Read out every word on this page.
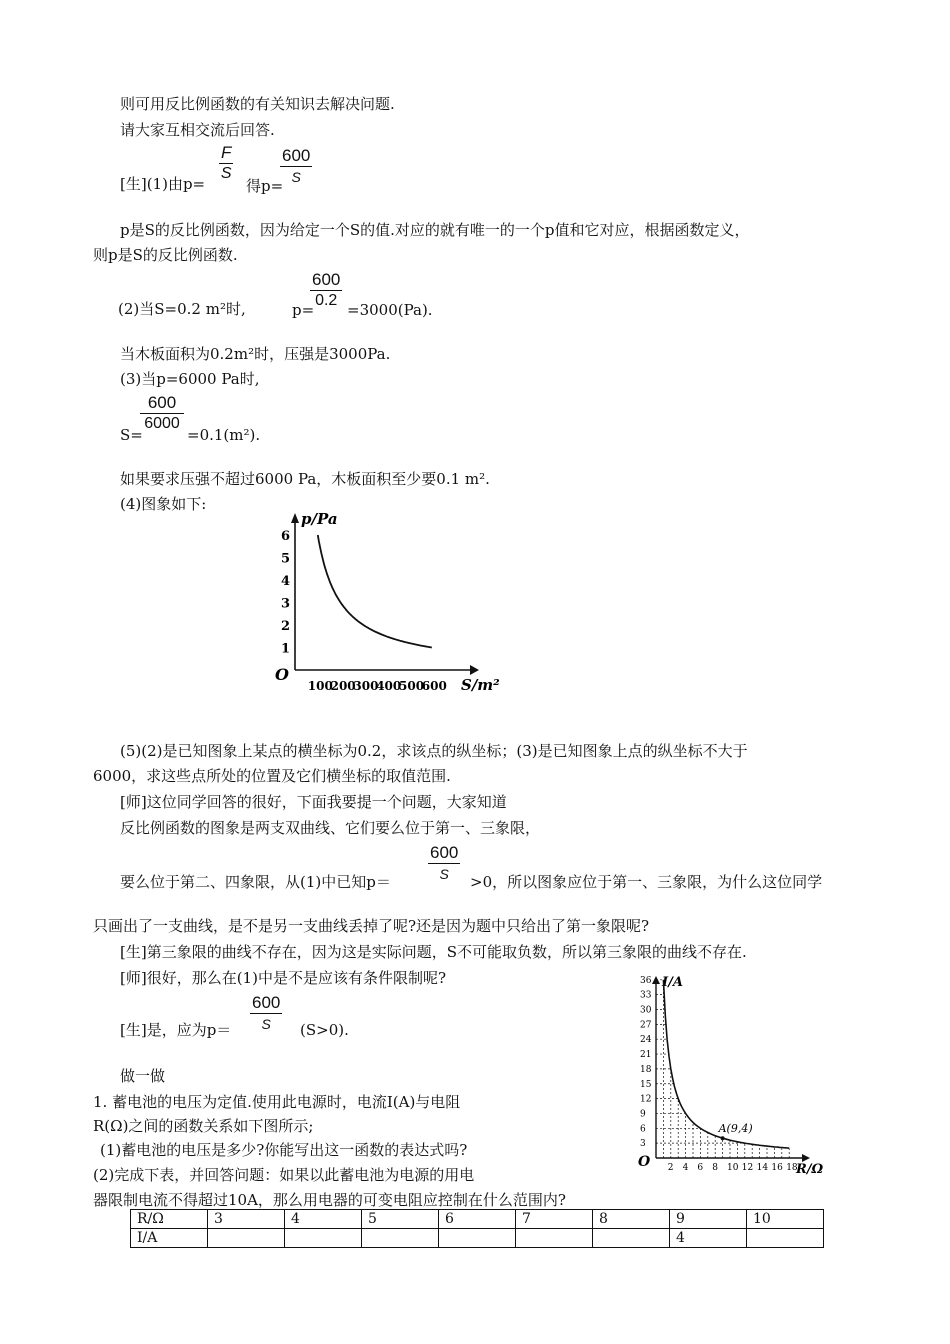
则可用反比例函数的有关知识去解决问题.
请大家互相交流后回答.
[生](1)由$p= \frac{F}{S}$
得p=
600
S
p是S的反比例函数，因为给定一个S的值.对应的就有唯一的一个p值和它对应，根据函数定义，
则p是S的反比例函数.
(2)当S=0.2 m²时,	p=
$\frac{600}{0.2} =3000(Pa)$.
当木板面积为0.2m²时，压强是3000Pa.
(3)当p=6000 Pa时,
$\frac{600}{6000}$
S=	=0.1(m²).
如果要求压强不超过6000 Pa，木板面积至少要0.1 m².
(4)图象如下:
p/Pa
S/m²
O
1
2
3
4
5
6
100
200
300
400
500
600
(5)(2)是已知图象上某点的横坐标为0.2，求该点的纵坐标；(3)是已知图象上点的纵坐标不大于
6000，求这些点所处的位置及它们横坐标的取值范围.
[师]这位同学回答的很好，下面我要提一个问题，大家知道
反比例函数的图象是两支双曲线、它们要么位于第一、三象限，
要么位于第二、四象限，从(1)中已知p＝
600
S	>0，所以图象应位于第一、三象限，为什么这位同学
只画出了一支曲线，是不是另一支曲线丢掉了呢?还是因为题中只给出了第一象限呢?
[生]第三象限的曲线不存在，因为这是实际问题，S不可能取负数，所以第三象限的曲线不存在.
[师]很好，那么在(1)中是不是应该有条件限制呢?
[生]是，应为p＝
600
S	(S>0).
做一做
1. 蓄电池的电压为定值.使用此电源时，电流I(A)与电阻
R(Ω)之间的函数关系如下图所示;
(1)蓄电池的电压是多少?你能写出这一函数的表达式吗?
(2)完成下表，并回答问题：如果以此蓄电池为电源的用电
器限制电流不得超过10A，那么用电器的可变电阻应控制在什么范围内?
I/A
R/Ω
O
3
6
9
12
15
18
21
24
27
30
33
36
2 4 6 8 10 12 14 16 18
A(9,4)
R/Ω	3	4	5	6	7	8	9	10
I/A							4	
